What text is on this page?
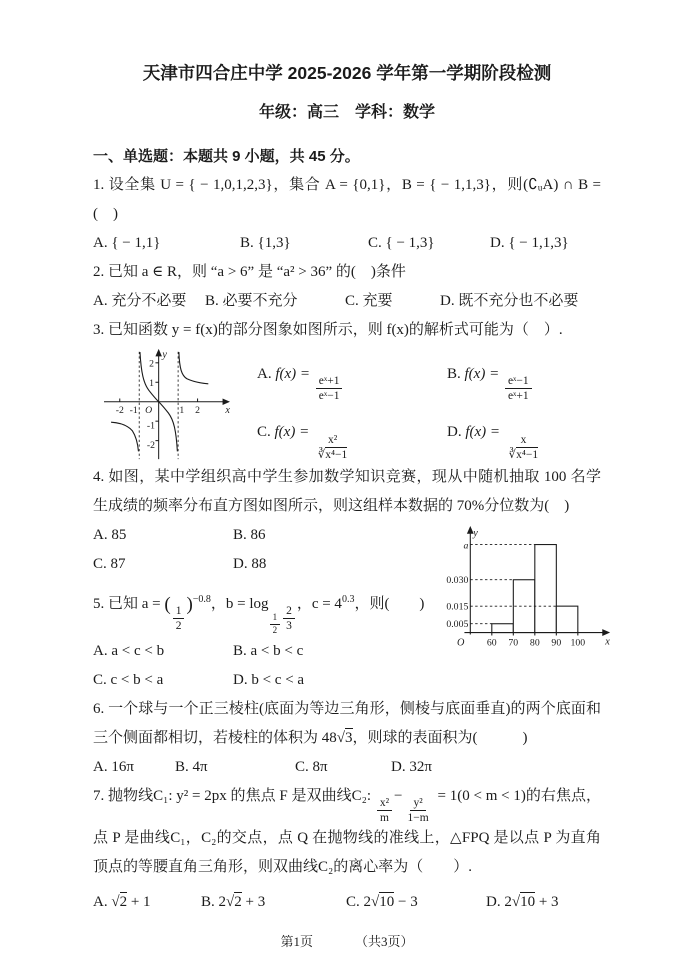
天津市四合庄中学 2025-2026 学年第一学期阶段检测
年级：高三　学科：数学
一、单选题：本题共 9 小题，共 45 分。

1. 设全集 U = { − 1,0,1,2,3}，集合 A = {0,1}，B = { − 1,1,3}，则(∁ᵤA) ∩ B =(　)

A. { − 1,1}	B. {1,3}	C. { − 1,3}	D. { − 1,1,3}

2. 已知 a ∈ R，则 “a > 6” 是 “a² > 36” 的(　)条件

A. 充分不必要	B. 必要不充分	C. 充要	D. 既不充分也不必要

3. 已知函数 y = f(x)的部分图象如图所示，则 f(x)的解析式可能为（　）.

2
1
-1
-2
-2 -1	1 2
O
y
x
A. f(x) =
$\frac{\text{eˣ+1}}{\text{eˣ−1}}$
B. f(x) =
$\frac{\text{eˣ−1}}{\text{eˣ+1}}$
C. f(x) =
$\frac{\text{x²}}{\text{∛x⁴−1}}$
D. f(x) =
$\frac{x}{\text{∛x⁴−1}}$

4. 如图，某中学组织高中学生参加数学知识竞赛，现从中随机抽取 100 名学生成绩的频率分布直方图如图所示，则这组样本数据的 70%分位数为(　)

a
0.030
0.015
0.005
60 70 80 90 100
O
y
x
A. 85	B. 86
C. 87	D. 88

5. 已知 a = ( $\frac{1}{2} )^{-0.8}$，b = log
$_{\frac{1}{2}} \frac{2}{3}$
，$c = 4^{0.3}$，则(　　)

A. a < c < b	B. a < b < c
C. c < b < a	D. b < c < a

6. 一个球与一个正三棱柱(底面为等边三角形，侧棱与底面垂直)的两个底面和三个侧面都相切，若棱柱的体积为 48√3，则球的表面积为(　　　)

A. 16π	B. 4π	C. 8π	D. 32π

7. 抛物线C₁: y² = 2px 的焦点 F 是双曲线C₂:
$\frac{\text{x²}}{m}$
−
$\frac{\text{y²}}{1-m}$
= 1(0 < m < 1)的右焦点，点 P 是曲线C₁，C₂的交点，点 Q 在抛物线的准线上，△FPQ 是以点 P 为直角顶点的等腰直角三角形，则双曲线C₂的离心率为（　　）.

A. √2 + 1	B. 2√2 + 3	C. 2√10 − 3	D. 2√10 + 3
第1页	（共3页）
